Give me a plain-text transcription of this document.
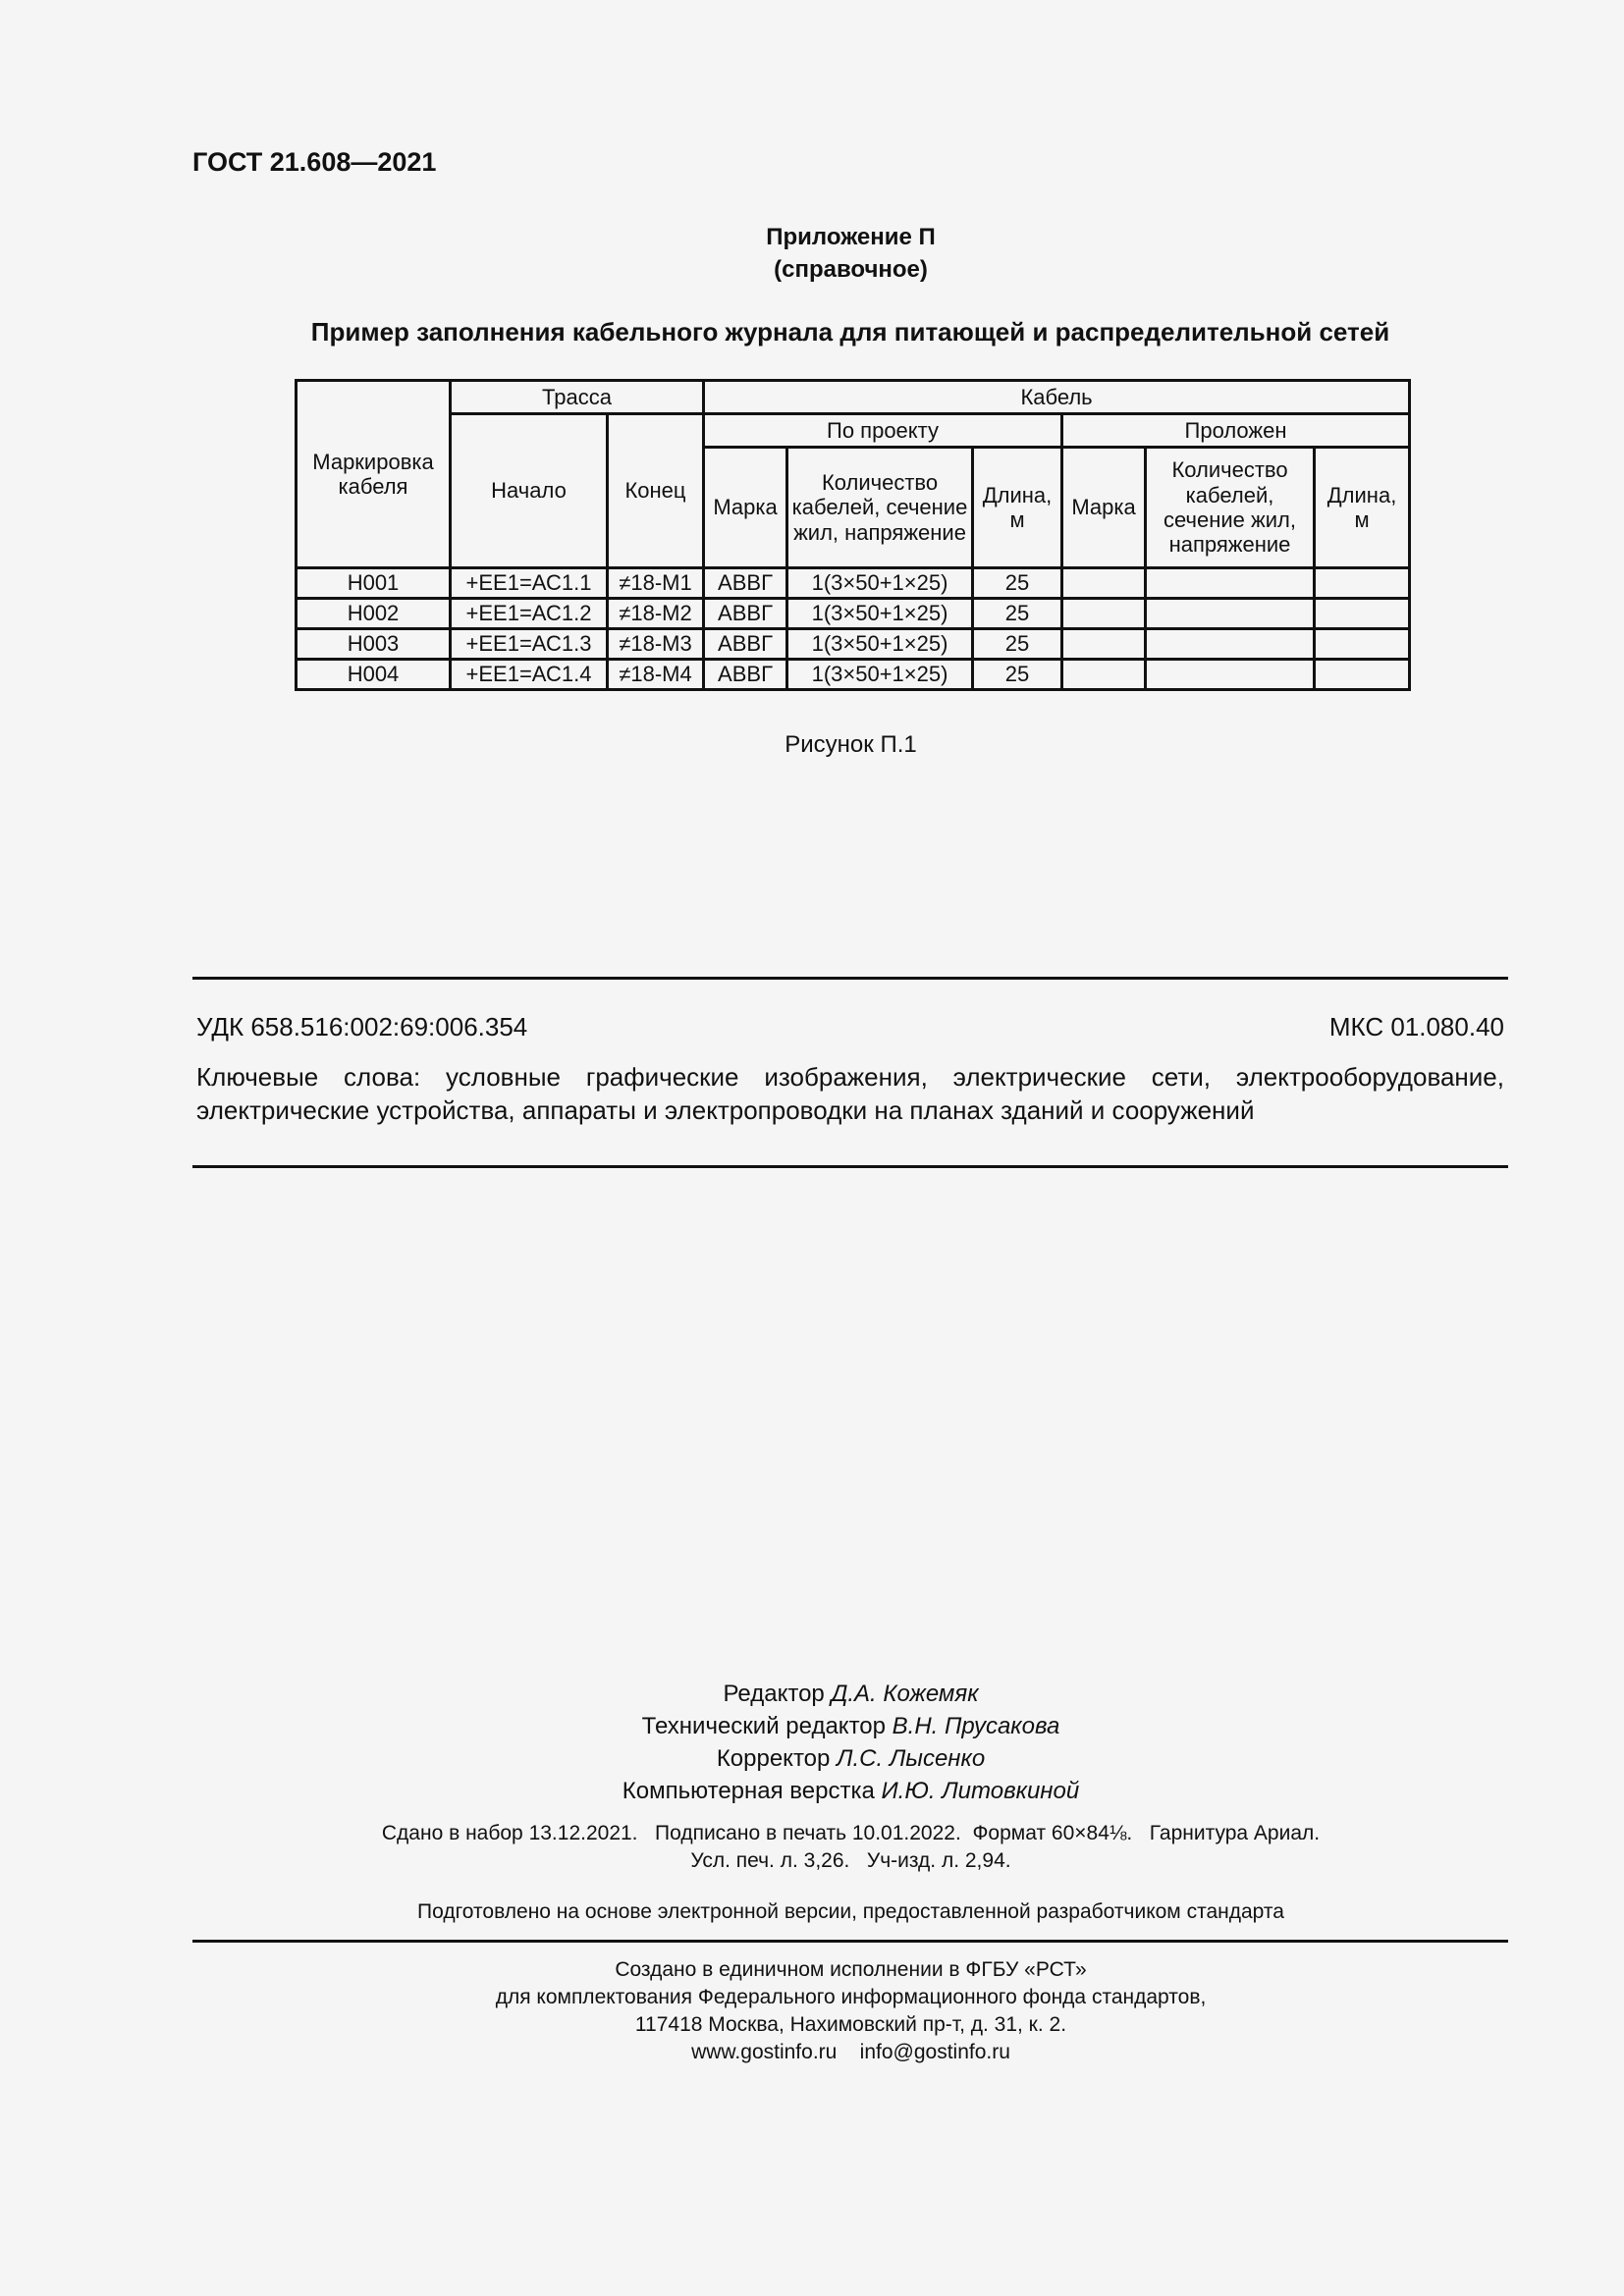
ГОСТ 21.608—2021
Приложение П
(справочное)
Пример заполнения кабельного журнала для питающей и распределительной сетей
Маркировка кабеля	Трасса		Кабель					
	Начало	Конец	По проекту			Проложен		
			Марка	Количество кабелей, сечение жил, напряжение	Длина, м	Марка	Количество кабелей, сечение жил, напряжение	Длина, м
Н001	+ЕЕ1=АС1.1	≠18-М1	АВВГ	1(3×50+1×25)	25			
Н002	+ЕЕ1=АС1.2	≠18-М2	АВВГ	1(3×50+1×25)	25			
Н003	+ЕЕ1=АС1.3	≠18-М3	АВВГ	1(3×50+1×25)	25			
Н004	+ЕЕ1=АС1.4	≠18-М4	АВВГ	1(3×50+1×25)	25			
Рисунок П.1
УДК 658.516:002:69:006.354	МКС 01.080.40
Ключевые слова: условные графические изображения, электрические сети, электрооборудование, электрические устройства, аппараты и электропроводки на планах зданий и сооружений
Редактор Д.А. Кожемяк
Технический редактор В.Н. Прусакова
Корректор Л.С. Лысенко
Компьютерная верстка И.Ю. Литовкиной
Сдано в набор 13.12.2021.   Подписано в печать 10.01.2022.  Формат 60×84⅛.   Гарнитура Ариал.
Усл. печ. л. 3,26.   Уч-изд. л. 2,94.
Подготовлено на основе электронной версии, предоставленной разработчиком стандарта
Создано в единичном исполнении в ФГБУ «РСТ»
для комплектования Федерального информационного фонда стандартов,
117418 Москва, Нахимовский пр-т, д. 31, к. 2.
www.gostinfo.ru    info@gostinfo.ru
